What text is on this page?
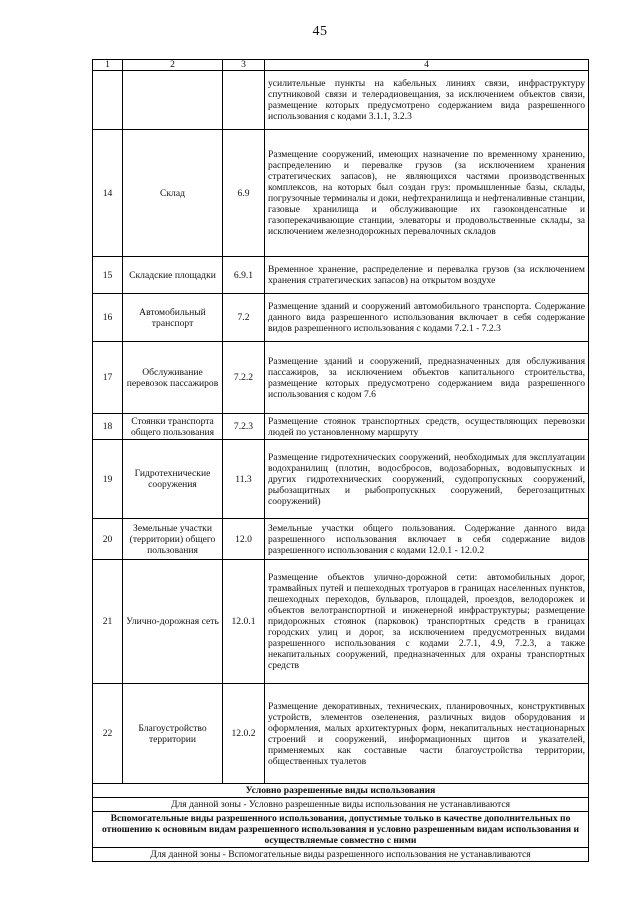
45
1	2	3	4
			усилительные пункты на кабельных линиях связи, инфраструктуру спутниковой связи и телерадиовещания, за исключением объектов связи, размещение которых предусмотрено содержанием вида разрешенного использования с кодами 3.1.1, 3.2.3
14	Склад	6.9	Размещение сооружений, имеющих назначение по временному хранению, распределению и перевалке грузов (за исключением хранения стратегических запасов), не являющихся частями производственных комплексов, на которых был создан груз: промышленные базы, склады, погрузочные терминалы и доки, нефтехранилища и нефтеналивные станции, газовые хранилища и обслуживающие их газоконденсатные и газоперекачивающие станции, элеваторы и продовольственные склады, за исключением железнодорожных перевалочных складов
15	Складские площадки	6.9.1	Временное хранение, распределение и перевалка грузов (за исключением хранения стратегических запасов) на открытом воздухе
16	Автомобильный транспорт	7.2	Размещение зданий и сооружений автомобильного транспорта. Содержание данного вида разрешенного использования включает в себя содержание видов разрешенного использования с кодами 7.2.1 - 7.2.3
17	Обслуживание перевозок пассажиров	7.2.2	Размещение зданий и сооружений, предназначенных для обслуживания пассажиров, за исключением объектов капитального строительства, размещение которых предусмотрено содержанием вида разрешенного использования с кодом 7.6
18	Стоянки транспорта общего пользования	7.2.3	Размещение стоянок транспортных средств, осуществляющих перевозки людей по установленному маршруту
19	Гидротехнические сооружения	11.3	Размещение гидротехнических сооружений, необходимых для эксплуатации водохранилищ (плотин, водосбросов, водозаборных, водовыпускных и других гидротехнических сооружений, судопропускных сооружений, рыбозащитных и рыбопропускных сооружений, берегозащитных сооружений)
20	Земельные участки (территории) общего пользования	12.0	Земельные участки общего пользования. Содержание данного вида разрешенного использования включает в себя содержание видов разрешенного использования с кодами 12.0.1 - 12.0.2
21	Улично-дорожная сеть	12.0.1	Размещение объектов улично-дорожной сети: автомобильных дорог, трамвайных путей и пешеходных тротуаров в границах населенных пунктов, пешеходных переходов, бульваров, площадей, проездов, велодорожек и объектов велотранспортной и инженерной инфраструктуры; размещение придорожных стоянок (парковок) транспортных средств в границах городских улиц и дорог, за исключением предусмотренных видами разрешенного использования с кодами 2.7.1, 4.9, 7.2.3, а также некапитальных сооружений, предназначенных для охраны транспортных средств
22	Благоустройство территории	12.0.2	Размещение декоративных, технических, планировочных, конструктивных устройств, элементов озеленения, различных видов оборудования и оформления, малых архитектурных форм, некапитальных нестационарных строений и сооружений, информационных щитов и указателей, применяемых как составные части благоустройства территории, общественных туалетов
Условно разрешенные виды использования			
Для данной зоны - Условно разрешенные виды использования не устанавливаются			
Вспомогательные виды разрешенного использования, допустимые только в качестве дополнительных по отношению к основным видам разрешенного использования и условно разрешенным видам использования и осуществляемые совместно с ними			
Для данной зоны - Вспомогательные виды разрешенного использования не устанавливаются			
